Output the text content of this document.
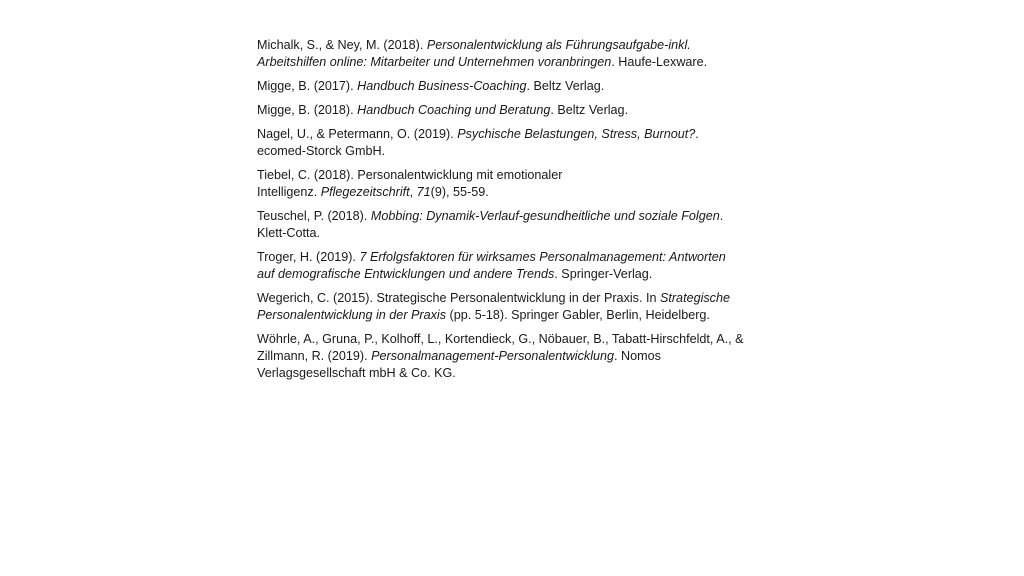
Michalk, S., & Ney, M. (2018). Personalentwicklung als Führungsaufgabe-inkl.
Arbeitshilfen online: Mitarbeiter und Unternehmen voranbringen. Haufe-Lexware.

Migge, B. (2017). Handbuch Business-Coaching. Beltz Verlag.

Migge, B. (2018). Handbuch Coaching und Beratung. Beltz Verlag.

Nagel, U., & Petermann, O. (2019). Psychische Belastungen, Stress, Burnout?.
ecomed-Storck GmbH.

Tiebel, C. (2018). Personalentwicklung mit emotionaler
Intelligenz. Pflegezeitschrift, 71(9), 55-59.

Teuschel, P. (2018). Mobbing: Dynamik-Verlauf-gesundheitliche und soziale Folgen.
Klett-Cotta.

Troger, H. (2019). 7 Erfolgsfaktoren für wirksames Personalmanagement: Antworten
auf demografische Entwicklungen und andere Trends. Springer-Verlag.

Wegerich, C. (2015). Strategische Personalentwicklung in der Praxis. In Strategische
Personalentwicklung in der Praxis (pp. 5-18). Springer Gabler, Berlin, Heidelberg.

Wöhrle, A., Gruna, P., Kolhoff, L., Kortendieck, G., Nöbauer, B., Tabatt-Hirschfeldt, A., &
Zillmann, R. (2019). Personalmanagement-Personalentwicklung. Nomos
Verlagsgesellschaft mbH & Co. KG.
